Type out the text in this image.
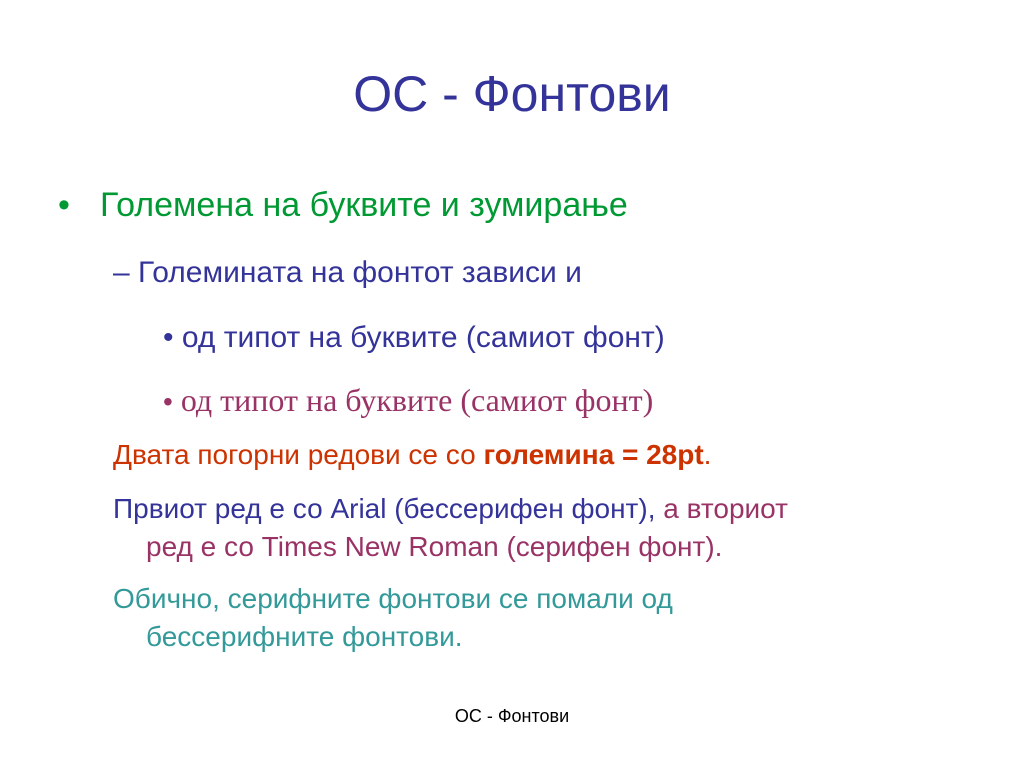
ОС - Фонтови
• Големена на буквите и зумирање
– Големината на фонтот зависи и
• од типот на буквите (самиот фонт)
• од типот на буквите (самиот фонт)
Двата погорни редови се со големина = 28pt.
Првиот ред е со Arial (бессерифен фонт), а вториот
ред е со Times New Roman (серифен фонт).
Обично, серифните фонтови се помали од
бессерифните фонтови.
ОС - Фонтови
